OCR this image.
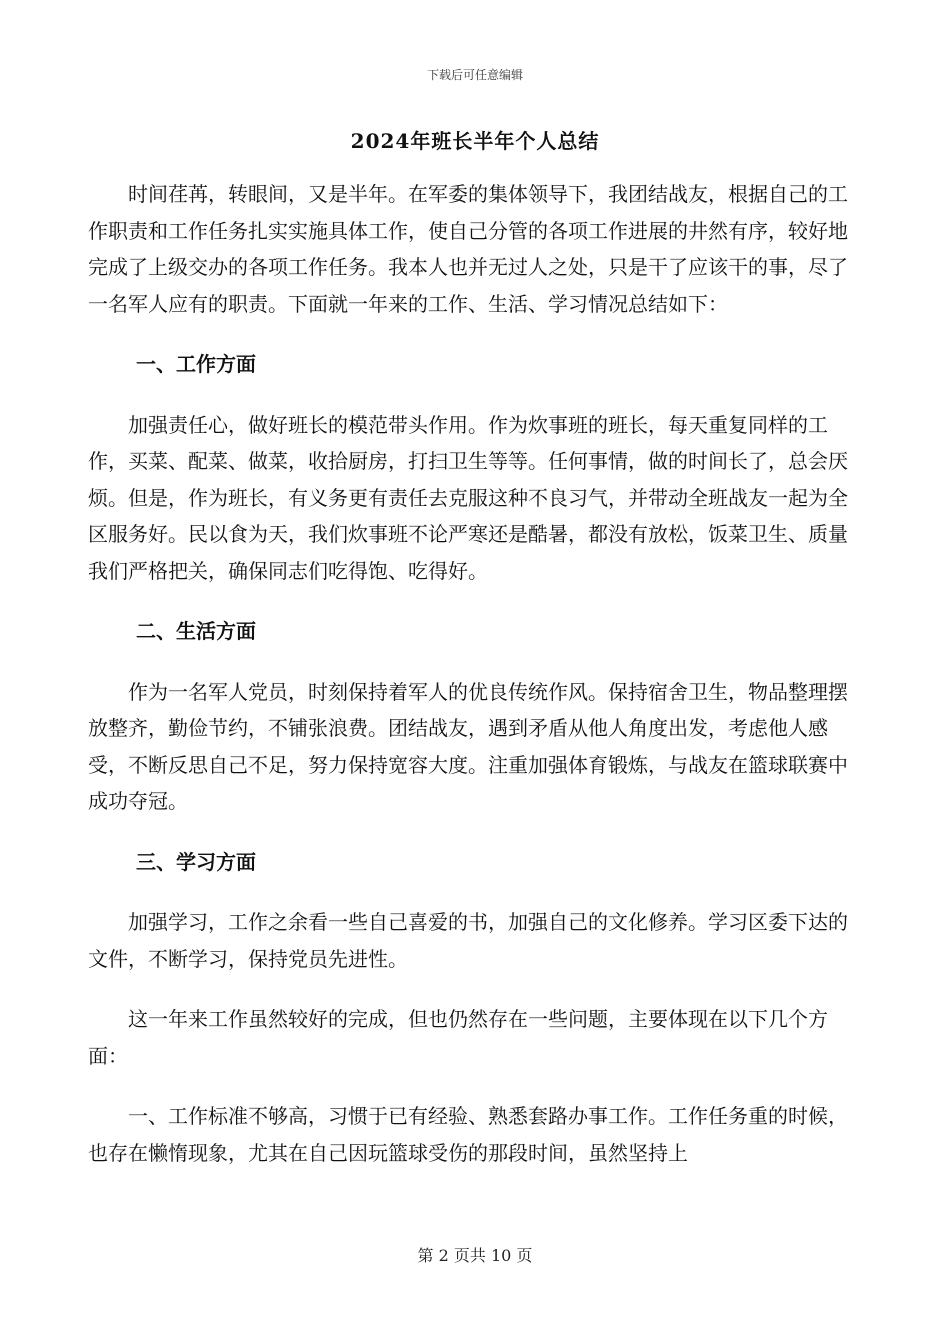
下载后可任意编辑
2024年班长半年个人总结

时间荏苒，转眼间，又是半年。在军委的集体领导下，我团结战友，根据自己的工作职责和工作任务扎实实施具体工作，使自己分管的各项工作进展的井然有序，较好地完成了上级交办的各项工作任务。我本人也并无过人之处，只是干了应该干的事，尽了一名军人应有的职责。下面就一年来的工作、生活、学习情况总结如下：

一、工作方面

加强责任心，做好班长的模范带头作用。作为炊事班的班长，每天重复同样的工作，买菜、配菜、做菜，收拾厨房，打扫卫生等等。任何事情，做的时间长了，总会厌烦。但是，作为班长，有义务更有责任去克服这种不良习气，并带动全班战友一起为全区服务好。民以食为天，我们炊事班不论严寒还是酷暑，都没有放松，饭菜卫生、质量我们严格把关，确保同志们吃得饱、吃得好。

二、生活方面

作为一名军人党员，时刻保持着军人的优良传统作风。保持宿舍卫生，物品整理摆放整齐，勤俭节约，不铺张浪费。团结战友，遇到矛盾从他人角度出发，考虑他人感受，不断反思自己不足，努力保持宽容大度。注重加强体育锻炼，与战友在篮球联赛中成功夺冠。

三、学习方面

加强学习，工作之余看一些自己喜爱的书，加强自己的文化修养。学习区委下达的文件，不断学习，保持党员先进性。

这一年来工作虽然较好的完成，但也仍然存在一些问题，主要体现在以下几个方面：

一、工作标准不够高，习惯于已有经验、熟悉套路办事工作。工作任务重的时候，也存在懒惰现象，尤其在自己因玩篮球受伤的那段时间，虽然坚持上

第 2 页共 10 页
